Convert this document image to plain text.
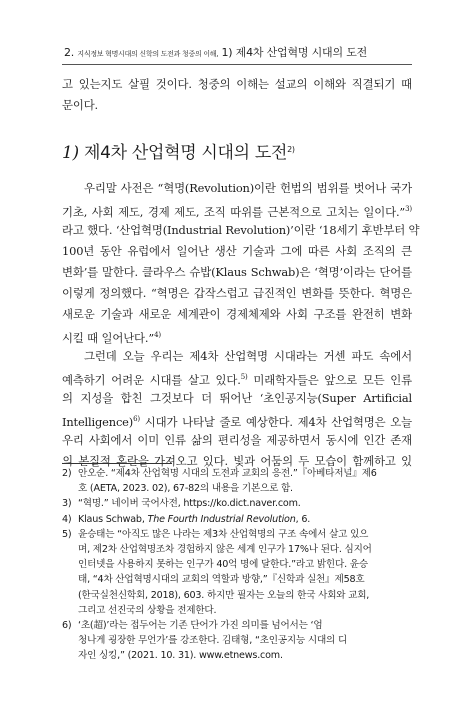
2. 지식정보 혁명시대의 신학의 도전과 청중의 이해, 1) 제4차 산업혁명 시대의 도전
고 있는지도 살필 것이다. 청중의 이해는 설교의 이해와 직결되기 때
문이다.
1) 제4차 산업혁명 시대의 도전$^{2)}$
우리말 사전은 “혁명(Revolution)이란 헌법의 범위를 벗어나 국가
기초, 사회 제도, 경제 제도, 조직 따위를 근본적으로 고치는 일이다.”$^{3)}$
라고 했다. ‘산업혁명(Industrial Revolution)’이란 ‘18세기 후반부터 약
100년 동안 유럽에서 일어난 생산 기술과 그에 따른 사회 조직의 큰
변화’를 말한다. 클라우스 슈밥(Klaus Schwab)은 ‘혁명’이라는 단어를
이렇게 정의했다. “혁명은 갑작스럽고 급진적인 변화를 뜻한다. 혁명은
새로운 기술과 새로운 세계관이 경제체제와 사회 구조를 완전히 변화
시킬 때 일어난다.”$^{4)}$
그런데 오늘 우리는 제4차 산업혁명 시대라는 거센 파도 속에서
예측하기 어려운 시대를 살고 있다.$^{5)}$ 미래학자들은 앞으로 모든 인류
의 지성을 합친 그것보다 더 뛰어난 ‘초인공지능(Super Artificial
Intelligence)$^{6)}$ 시대가 나타날 줄로 예상한다. 제4차 산업혁명은 오늘
우리 사회에서 이미 인류 삶의 편리성을 제공하면서 동시에 인간 존재
의 본질적 혼란을 가져오고 있다. 빛과 어둠의 두 모습이 함께하고 있
2) 안오순. “제4차 산업혁명 시대의 도전과 교회의 응전.”『아베타저널』제6
호 (AETA, 2023. 02), 67-82의 내용을 기본으로 함.
3) “혁명.” 네이버 국어사전, https://ko.dict.naver.com.
4) Klaus Schwab, The Fourth Industrial Revolution, 6.
5) 윤승태는 “아직도 많은 나라는 제3차 산업혁명의 구조 속에서 살고 있으
며, 제2차 산업혁명조차 경험하지 않은 세계 인구가 17%나 된다. 심지어
인터넷을 사용하지 못하는 인구가 40억 명에 달한다.”라고 밝힌다. 윤승
태, “4차 산업혁명시대의 교회의 역할과 방향,”『신학과 실천』제58호
(한국실천신학회, 2018), 603. 하지만 필자는 오늘의 한국 사회와 교회,
그리고 선진국의 상황을 전제한다.
6) ‘초(超)’라는 접두어는 기존 단어가 가진 의미를 넘어서는 ‘엄
청나게 굉장한 무언가’를 강조한다. 김태형, “초인공지능 시대의 디
자인 싱킹,” (2021. 10. 31). www.etnews.com.
